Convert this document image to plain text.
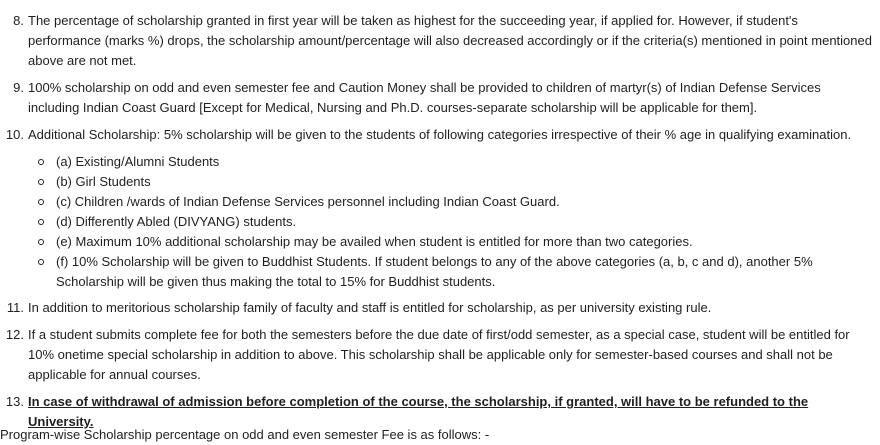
8. The percentage of scholarship granted in first year will be taken as highest for the succeeding year, if applied for. However, if student's performance (marks %) drops, the scholarship amount/percentage will also decreased accordingly or if the criteria(s) mentioned in point mentioned above are not met.
9. 100% scholarship on odd and even semester fee and Caution Money shall be provided to children of martyr(s) of Indian Defense Services including Indian Coast Guard [Except for Medical, Nursing and Ph.D. courses-separate scholarship will be applicable for them].
10. Additional Scholarship: 5% scholarship will be given to the students of following categories irrespective of their % age in qualifying examination.
(a) Existing/Alumni Students
(b) Girl Students
(c) Children /wards of Indian Defense Services personnel including Indian Coast Guard.
(d) Differently Abled (DIVYANG) students.
(e) Maximum 10% additional scholarship may be availed when student is entitled for more than two categories.
(f) 10% Scholarship will be given to Buddhist Students. If student belongs to any of the above categories (a, b, c and d), another 5% Scholarship will be given thus making the total to 15% for Buddhist students.
11. In addition to meritorious scholarship family of faculty and staff is entitled for scholarship, as per university existing rule.
12. If a student submits complete fee for both the semesters before the due date of first/odd semester, as a special case, student will be entitled for 10% onetime special scholarship in addition to above. This scholarship shall be applicable only for semester-based courses and shall not be applicable for annual courses.
13. In case of withdrawal of admission before completion of the course, the scholarship, if granted, will have to be refunded to the University.
Program-wise Scholarship percentage on odd and even semester Fee is as follows: -
